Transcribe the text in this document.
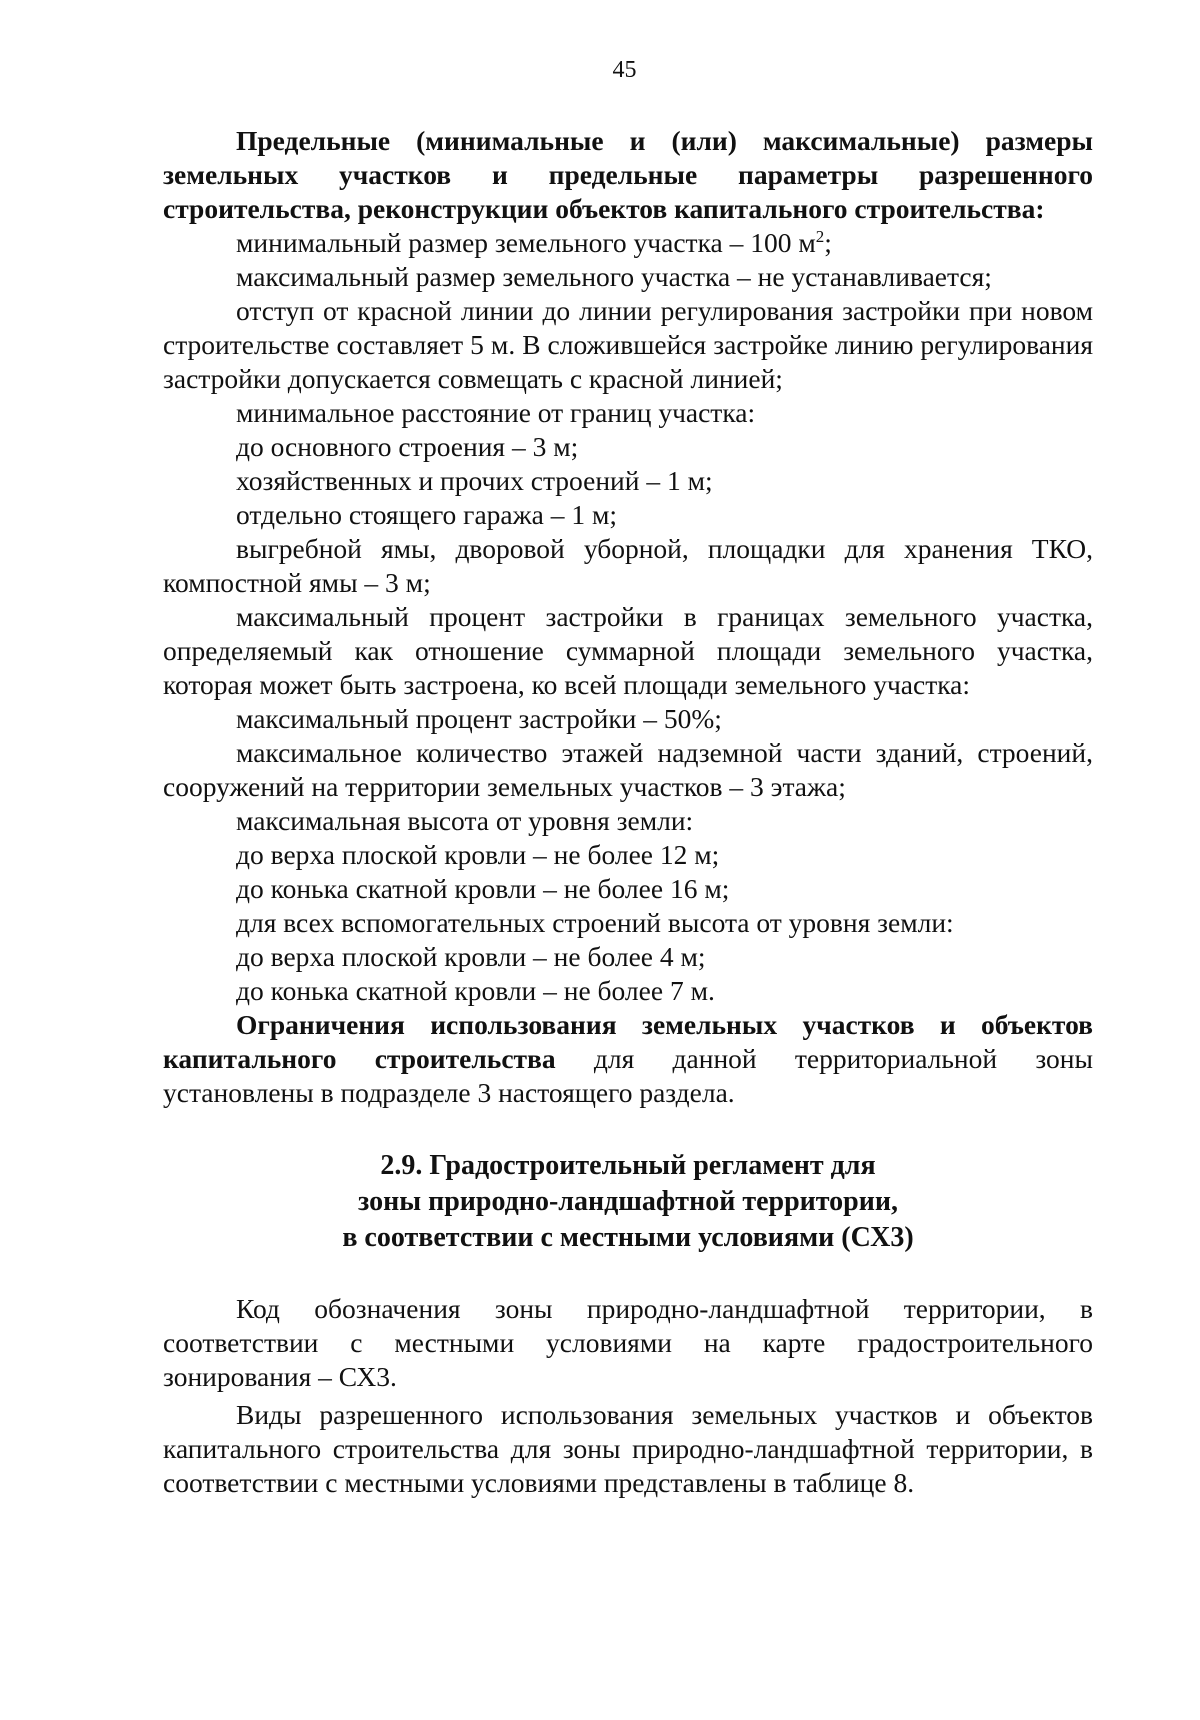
45

Предельные (минимальные и (или) максимальные) размеры земельных участков и предельные параметры разрешенного строительства, реконструкции объектов капитального строительства:

минимальный размер земельного участка – 100 $м^2$;

максимальный размер земельного участка – не устанавливается;

отступ от красной линии до линии регулирования застройки при новом строительстве составляет 5 м. В сложившейся застройке линию регулирования застройки допускается совмещать с красной линией;

минимальное расстояние от границ участка:

до основного строения – 3 м;

хозяйственных и прочих строений – 1 м;

отдельно стоящего гаража – 1 м;

выгребной ямы, дворовой уборной, площадки для хранения ТКО, компостной ямы – 3 м;

максимальный процент застройки в границах земельного участка, определяемый как отношение суммарной площади земельного участка, которая может быть застроена, ко всей площади земельного участка:

максимальный процент застройки – 50%;

максимальное количество этажей надземной части зданий, строений, сооружений на территории земельных участков – 3 этажа;

максимальная высота от уровня земли:

до верха плоской кровли – не более 12 м;

до конька скатной кровли – не более 16 м;

для всех вспомогательных строений высота от уровня земли:

до верха плоской кровли – не более 4 м;

до конька скатной кровли – не более 7 м.

Ограничения использования земельных участков и объектов капитального строительства для данной территориальной зоны установлены в подразделе 3 настоящего раздела.

2.9. Градостроительный регламент для
зоны природно-ландшафтной территории,
в соответствии с местными условиями (СХ3)

Код обозначения зоны природно-ландшафтной территории, в соответствии с местными условиями на карте градостроительного зонирования – СХ3.

Виды разрешенного использования земельных участков и объектов капитального строительства для зоны природно-ландшафтной территории, в соответствии с местными условиями представлены в таблице 8.
